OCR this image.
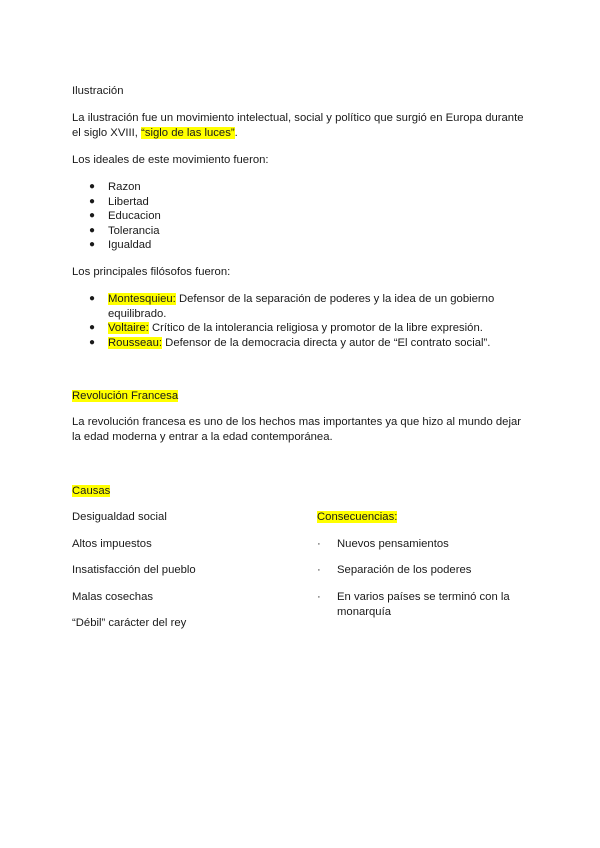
Ilustración

La ilustración fue un movimiento intelectual, social y político que surgió en Europa durante el siglo XVIII, “siglo de las luces”.

Los ideales de este movimiento fueron:

● Razon
● Libertad
● Educacion
● Tolerancia
● Igualdad

Los principales filósofos fueron:

● Montesquieu: Defensor de la separación de poderes y la idea de un gobierno equilibrado.
● Voltaire: Crítico de la intolerancia religiosa y promotor de la libre expresión.
● Rousseau: Defensor de la democracia directa y autor de “El contrato social”.

Revolución Francesa

La revolución francesa es uno de los hechos mas importantes ya que hizo al mundo dejar la edad moderna y entrar a la edad contemporánea.

Causas

Desigualdad social
Altos impuestos
Insatisfacción del pueblo
Malas cosechas
“Débil” carácter del rey
Consecuencias:
·	Nuevos pensamientos
·	Separación de los poderes
·	En varios países se terminó con la monarquía
